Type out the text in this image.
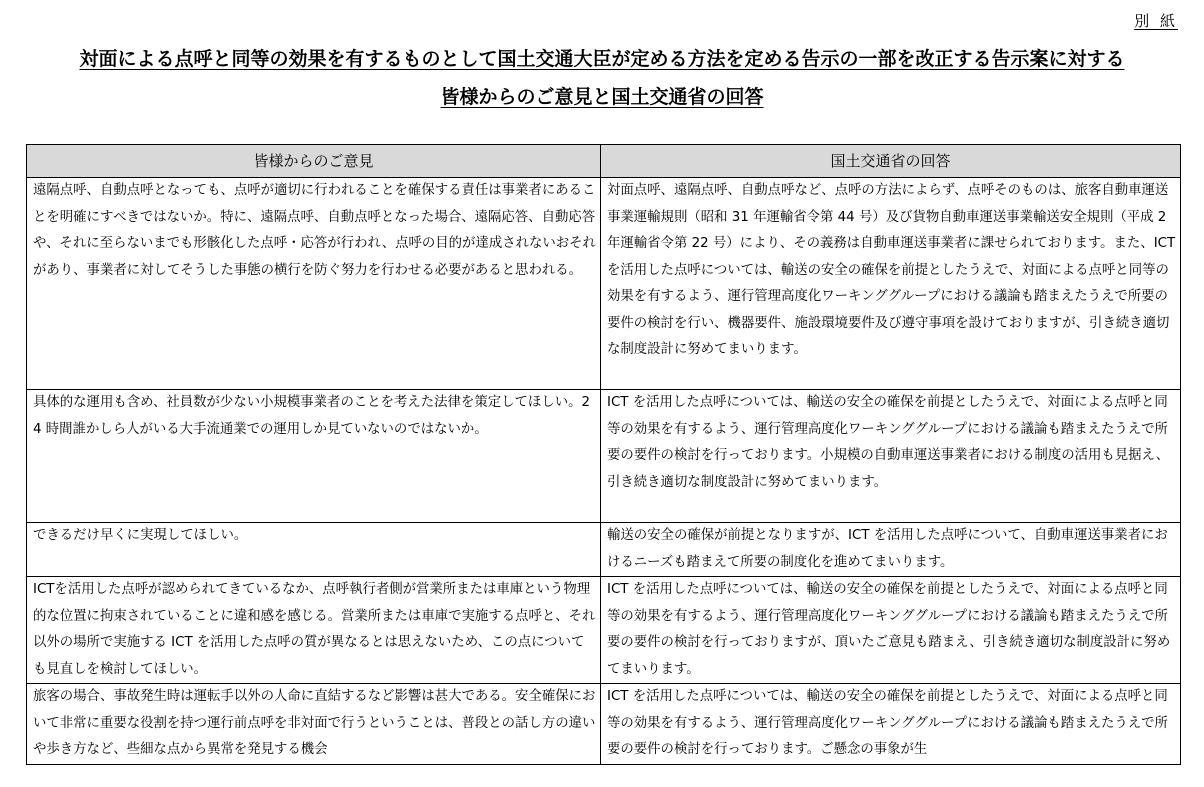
別 紙
対面による点呼と同等の効果を有するものとして国土交通大臣が定める方法を定める告示の一部を改正する告示案に対する
皆様からのご意見と国土交通省の回答
皆様からのご意見	国土交通省の回答
遠隔点呼、自動点呼となっても、点呼が適切に行われることを確保する責任は事業者にあることを明確にすべきではないか。特に、遠隔点呼、自動点呼となった場合、遠隔応答、自動応答や、それに至らないまでも形骸化した点呼・応答が行われ、点呼の目的が達成されないおそれがあり、事業者に対してそうした事態の横行を防ぐ努力を行わせる必要があると思われる。	対面点呼、遠隔点呼、自動点呼など、点呼の方法によらず、点呼そのものは、旅客自動車運送事業運輸規則（昭和 31 年運輸省令第 44 号）及び貨物自動車運送事業輸送安全規則（平成 2 年運輸省令第 22 号）により、その義務は自動車運送事業者に課せられております。また、ICT を活用した点呼については、輸送の安全の確保を前提としたうえで、対面による点呼と同等の効果を有するよう、運行管理高度化ワーキンググループにおける議論も踏まえたうえで所要の要件の検討を行い、機器要件、施設環境要件及び遵守事項を設けておりますが、引き続き適切な制度設計に努めてまいります。
具体的な運用も含め、社員数が少ない小規模事業者のことを考えた法律を策定してほしい。24 時間誰かしら人がいる大手流通業での運用しか見ていないのではないか。	ICT を活用した点呼については、輸送の安全の確保を前提としたうえで、対面による点呼と同等の効果を有するよう、運行管理高度化ワーキンググループにおける議論も踏まえたうえで所要の要件の検討を行っております。小規模の自動車運送事業者における制度の活用も見据え、引き続き適切な制度設計に努めてまいります。
できるだけ早くに実現してほしい。	輸送の安全の確保が前提となりますが、ICT を活用した点呼について、自動車運送事業者におけるニーズも踏まえて所要の制度化を進めてまいります。
ICTを活用した点呼が認められてきているなか、点呼執行者側が営業所または車庫という物理的な位置に拘束されていることに違和感を感じる。営業所または車庫で実施する点呼と、それ以外の場所で実施する ICT を活用した点呼の質が異なるとは思えないため、この点についても見直しを検討してほしい。	ICT を活用した点呼については、輸送の安全の確保を前提としたうえで、対面による点呼と同等の効果を有するよう、運行管理高度化ワーキンググループにおける議論も踏まえたうえで所要の要件の検討を行っておりますが、頂いたご意見も踏まえ、引き続き適切な制度設計に努めてまいります。
旅客の場合、事故発生時は運転手以外の人命に直結するなど影響は甚大である。安全確保において非常に重要な役割を持つ運行前点呼を非対面で行うということは、普段との話し方の違いや歩き方など、些細な点から異常を発見する機会	ICT を活用した点呼については、輸送の安全の確保を前提としたうえで、対面による点呼と同等の効果を有するよう、運行管理高度化ワーキンググループにおける議論も踏まえたうえで所要の要件の検討を行っております。ご懸念の事象が生
